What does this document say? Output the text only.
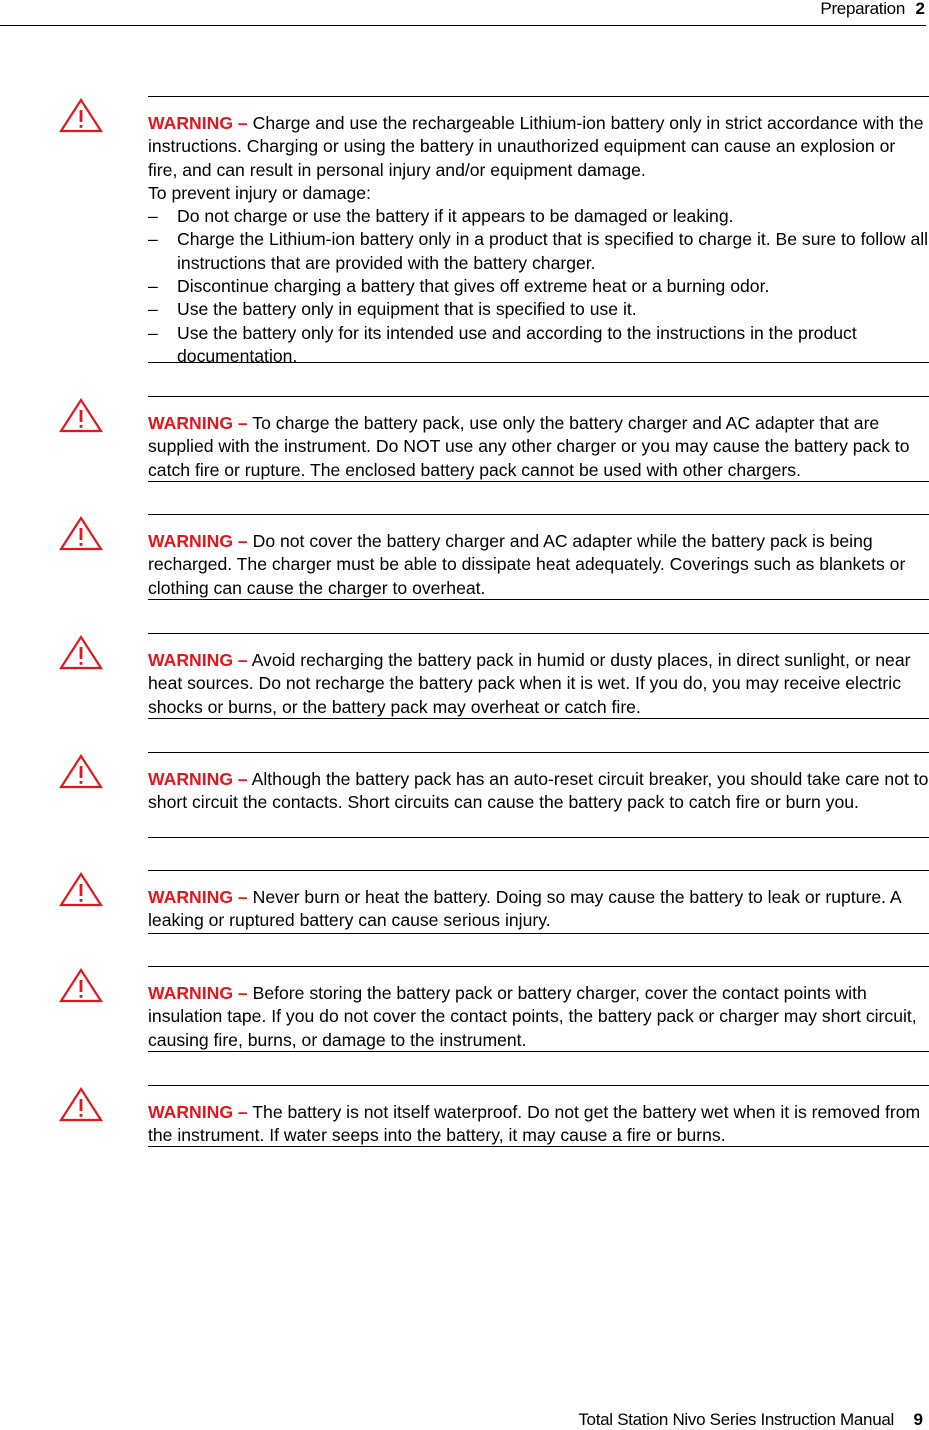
Preparation 2

WARNING – Charge and use the rechargeable Lithium-ion battery only in strict accordance with the instructions. Charging or using the battery in unauthorized equipment can cause an explosion or fire, and can result in personal injury and/or equipment damage.

To prevent injury or damage:

– Do not charge or use the battery if it appears to be damaged or leaking.
– Charge the Lithium-ion battery only in a product that is specified to charge it. Be sure to follow all instructions that are provided with the battery charger.
– Discontinue charging a battery that gives off extreme heat or a burning odor.
– Use the battery only in equipment that is specified to use it.
– Use the battery only for its intended use and according to the instructions in the product documentation.

WARNING – To charge the battery pack, use only the battery charger and AC adapter that are supplied with the instrument. Do NOT use any other charger or you may cause the battery pack to catch fire or rupture. The enclosed battery pack cannot be used with other chargers.

WARNING – Do not cover the battery charger and AC adapter while the battery pack is being recharged. The charger must be able to dissipate heat adequately. Coverings such as blankets or clothing can cause the charger to overheat.

WARNING – Avoid recharging the battery pack in humid or dusty places, in direct sunlight, or near heat sources. Do not recharge the battery pack when it is wet. If you do, you may receive electric shocks or burns, or the battery pack may overheat or catch fire.

WARNING – Although the battery pack has an auto-reset circuit breaker, you should take care not to short circuit the contacts. Short circuits can cause the battery pack to catch fire or burn you.

WARNING – Never burn or heat the battery. Doing so may cause the battery to leak or rupture. A leaking or ruptured battery can cause serious injury.

WARNING – Before storing the battery pack or battery charger, cover the contact points with insulation tape. If you do not cover the contact points, the battery pack or charger may short circuit, causing fire, burns, or damage to the instrument.

WARNING – The battery is not itself waterproof. Do not get the battery wet when it is removed from the instrument. If water seeps into the battery, it may cause a fire or burns.

Total Station Nivo Series Instruction Manual 9
